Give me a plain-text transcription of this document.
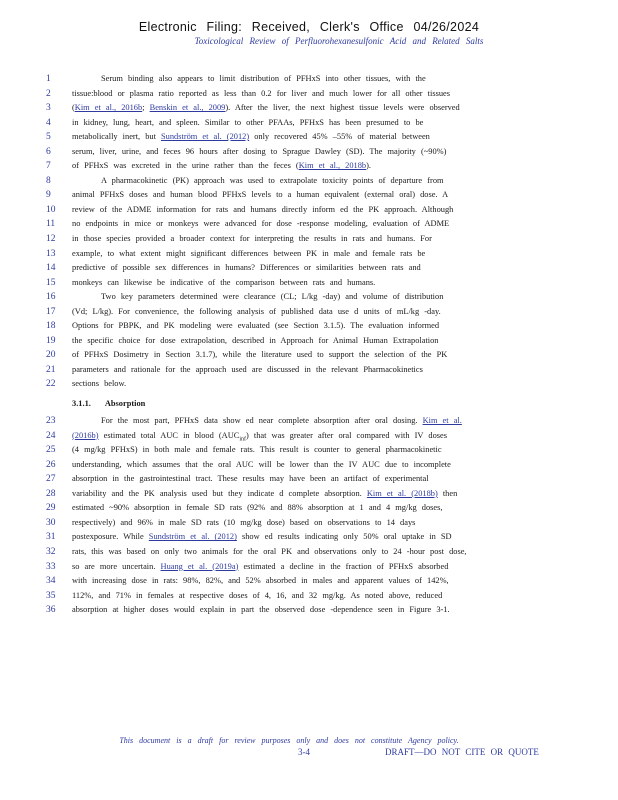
Electronic Filing: Received, Clerk's Office 04/26/2024
Toxicological Review of Perfluorohexanesulfonic Acid and Related Salts
1	Serum binding also appears to limit distribution of PFHxS into other tissues, with the
2	tissue:blood or plasma ratio reported as less than 0.2 for liver and much lower for all other tissues
3	(Kim et al., 2016b; Benskin et al., 2009). After the liver, the next highest tissue levels were observed
4	in kidney, lung, heart, and spleen. Similar to other PFAAs, PFHxS has been presumed to be
5	metabolically inert, but Sundström et al. (2012) only recovered 45% –55% of material between
6	serum, liver, urine, and feces 96 hours after dosing to Sprague Dawley (SD). The majority (~90%)
7	of PFHxS was excreted in the urine rather than the feces (Kim et al., 2018b).
8	A pharmacokinetic (PK) approach was used to extrapolate toxicity points of departure from
9	animal PFHxS doses and human blood PFHxS levels to a human equivalent (external oral) dose. A
10	review of the ADME information for rats and humans directly inform ed the PK approach. Although
11	no endpoints in mice or monkeys were advanced for dose -response modeling, evaluation of ADME
12	in those species provided a broader context for interpreting the results in rats and humans. For
13	example, to what extent might significant differences between PK in male and female rats be
14	predictive of possible sex differences in humans? Differences or similarities between rats and
15	monkeys can likewise be indicative of the comparison between rats and humans.
16	Two key parameters determined were clearance (CL; L/kg -day) and volume of distribution
17	(Vd; L/kg). For convenience, the following analysis of published data use d units of mL/kg -day.
18	Options for PBPK, and PK modeling were evaluated (see Section 3.1.5). The evaluation informed
19	the specific choice for dose extrapolation, described in Approach for Animal Human Extrapolation
20	of PFHxS Dosimetry in Section 3.1.7), while the literature used to support the selection of the PK
21	parameters and rationale for the approach used are discussed in the relevant Pharmacokinetics
22	sections below.
3.1.1. Absorption
23	For the most part, PFHxS data show ed near complete absorption after oral dosing. Kim et al.
24	(2016b) estimated total AUC in blood $(AUC_{inf})$ that was greater after oral compared with IV doses
25	(4 mg/kg PFHxS) in both male and female rats. This result is counter to general pharmacokinetic
26	understanding, which assumes that the oral AUC will be lower than the IV AUC due to incomplete
27	absorption in the gastrointestinal tract. These results may have been an artifact of experimental
28	variability and the PK analysis used but they indicate d complete absorption. Kim et al. (2018b) then
29	estimated ~90% absorption in female SD rats (92% and 88% absorption at 1 and 4 mg/kg doses,
30	respectively) and 96% in male SD rats (10 mg/kg dose) based on observations to 14 days
31	postexposure. While Sundström et al. (2012) show ed results indicating only 50% oral uptake in SD
32	rats, this was based on only two animals for the oral PK and observations only to 24 -hour post dose,
33	so are more uncertain. Huang et al. (2019a) estimated a decline in the fraction of PFHxS absorbed
34	with increasing dose in rats: 98%, 82%, and 52% absorbed in males and apparent values of 142%,
35	112%, and 71% in females at respective doses of 4, 16, and 32 mg/kg. As noted above, reduced
36	absorption at higher doses would explain in part the observed dose -dependence seen in Figure 3-1.
This document is a draft for review purposes only and does not constitute Agency policy.
3-4	DRAFT—DO NOT CITE OR QUOTE
